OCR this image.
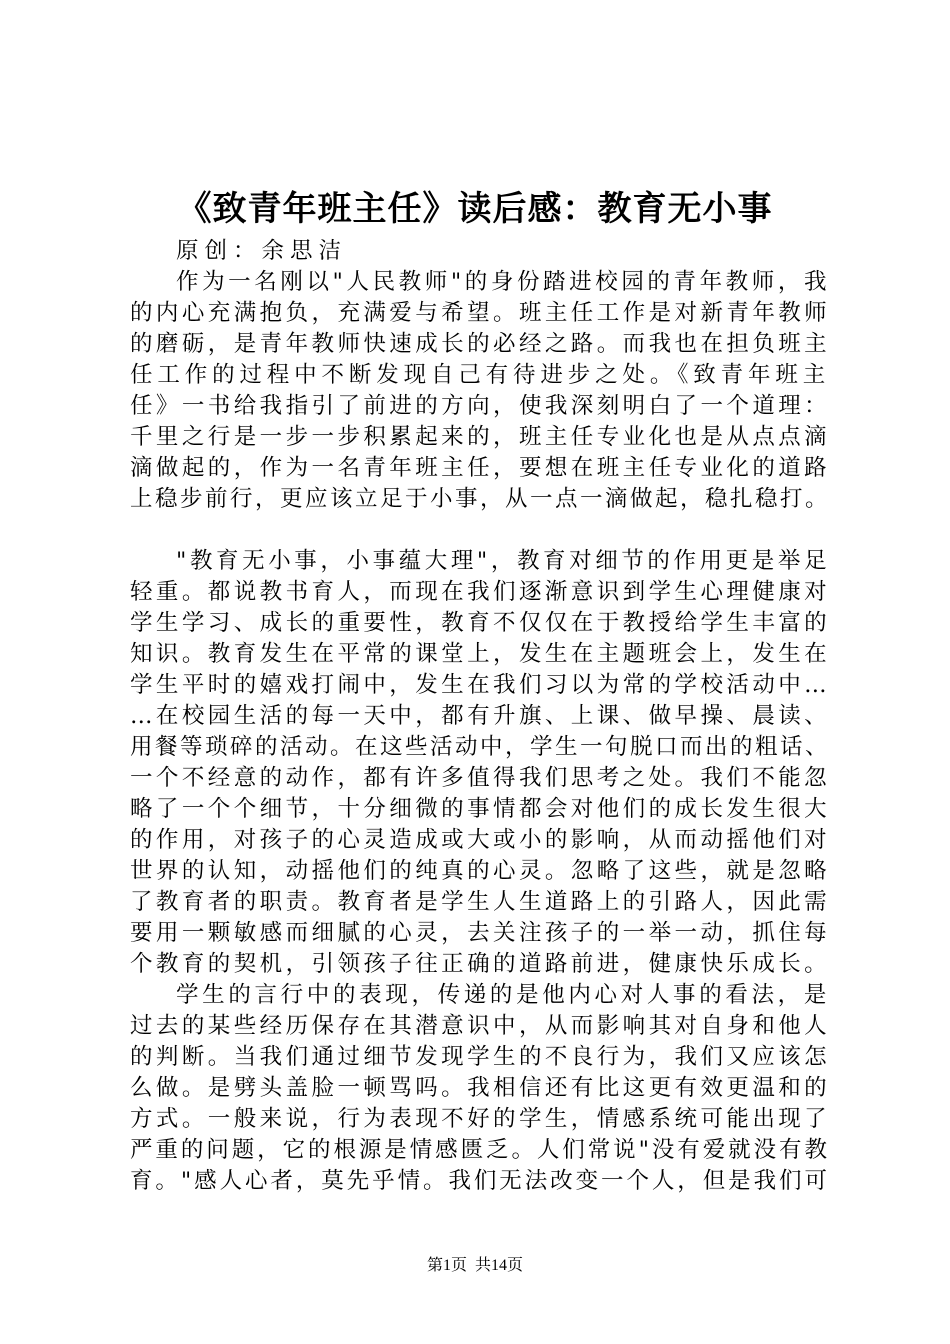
《致青年班主任》读后感：教育无小事
原创：余思洁
作为一名刚以"人民教师"的身份踏进校园的青年教师，我
的内心充满抱负，充满爱与希望。班主任工作是对新青年教师
的磨砺，是青年教师快速成长的必经之路。而我也在担负班主
任工作的过程中不断发现自己有待进步之处。《致青年班主
任》一书给我指引了前进的方向，使我深刻明白了一个道理：
千里之行是一步一步积累起来的，班主任专业化也是从点点滴
滴做起的，作为一名青年班主任，要想在班主任专业化的道路
上稳步前行，更应该立足于小事，从一点一滴做起，稳扎稳打。
"教育无小事，小事蕴大理"，教育对细节的作用更是举足
轻重。都说教书育人，而现在我们逐渐意识到学生心理健康对
学生学习、成长的重要性，教育不仅仅在于教授给学生丰富的
知识。教育发生在平常的课堂上，发生在主题班会上，发生在
学生平时的嬉戏打闹中，发生在我们习以为常的学校活动中…
…在校园生活的每一天中，都有升旗、上课、做早操、晨读、
用餐等琐碎的活动。在这些活动中，学生一句脱口而出的粗话、
一个不经意的动作，都有许多值得我们思考之处。我们不能忽
略了一个个细节，十分细微的事情都会对他们的成长发生很大
的作用，对孩子的心灵造成或大或小的影响，从而动摇他们对
世界的认知，动摇他们的纯真的心灵。忽略了这些，就是忽略
了教育者的职责。教育者是学生人生道路上的引路人，因此需
要用一颗敏感而细腻的心灵，去关注孩子的一举一动，抓住每
个教育的契机，引领孩子往正确的道路前进，健康快乐成长。
学生的言行中的表现，传递的是他内心对人事的看法，是
过去的某些经历保存在其潜意识中，从而影响其对自身和他人
的判断。当我们通过细节发现学生的不良行为，我们又应该怎
么做。是劈头盖脸一顿骂吗。我相信还有比这更有效更温和的
方式。一般来说，行为表现不好的学生，情感系统可能出现了
严重的问题，它的根源是情感匮乏。人们常说"没有爱就没有教
育。"感人心者，莫先乎情。我们无法改变一个人，但是我们可
第1页 共14页
